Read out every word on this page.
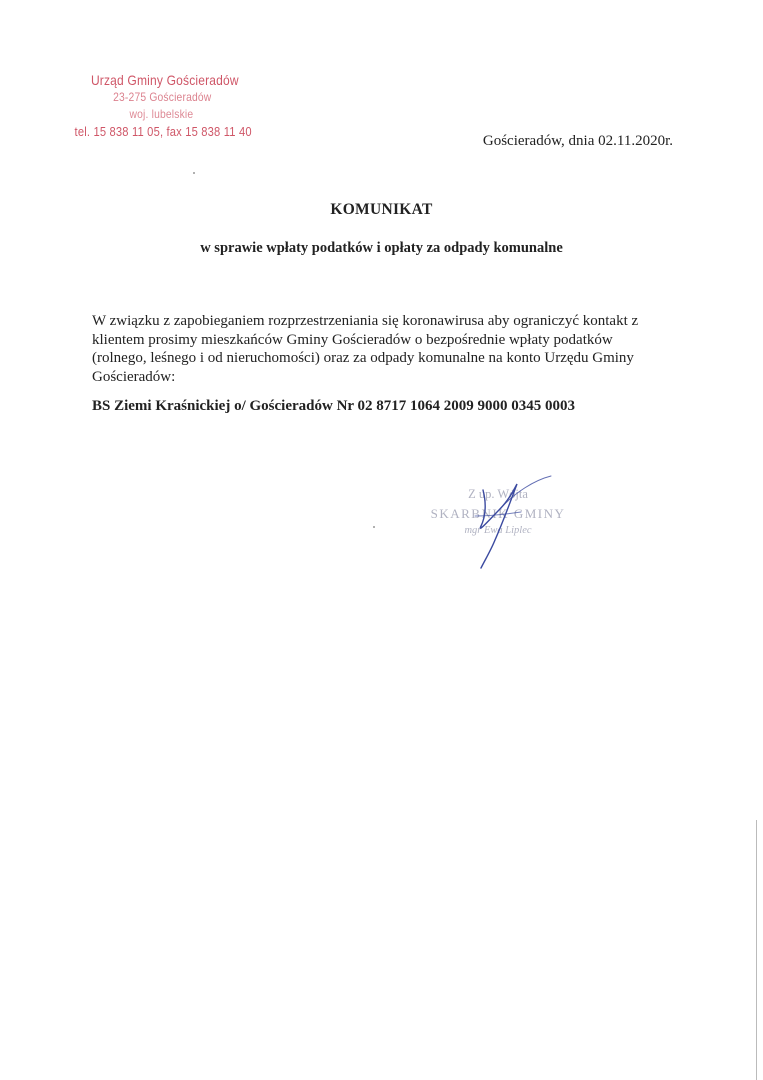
Urząd Gminy Gościeradów
23-275 Gościeradów
woj. lubelskie
tel. 15 838 11 05, fax 15 838 11 40
Gościeradów, dnia 02.11.2020r.
KOMUNIKAT
w sprawie wpłaty podatków i opłaty za odpady komunalne
W związku z zapobieganiem rozprzestrzeniania się koronawirusa aby ograniczyć kontakt z
klientem prosimy mieszkańców Gminy Gościeradów o bezpośrednie wpłaty podatków
(rolnego, leśnego i od nieruchomości) oraz za odpady komunalne na konto Urzędu Gminy
Gościeradów:
BS Ziemi Kraśnickiej o/ Gościeradów Nr 02 8717 1064 2009 9000 0345 0003
Z up. Wójta
SKARBNIK GMINY
mgr Ewa Liplec
